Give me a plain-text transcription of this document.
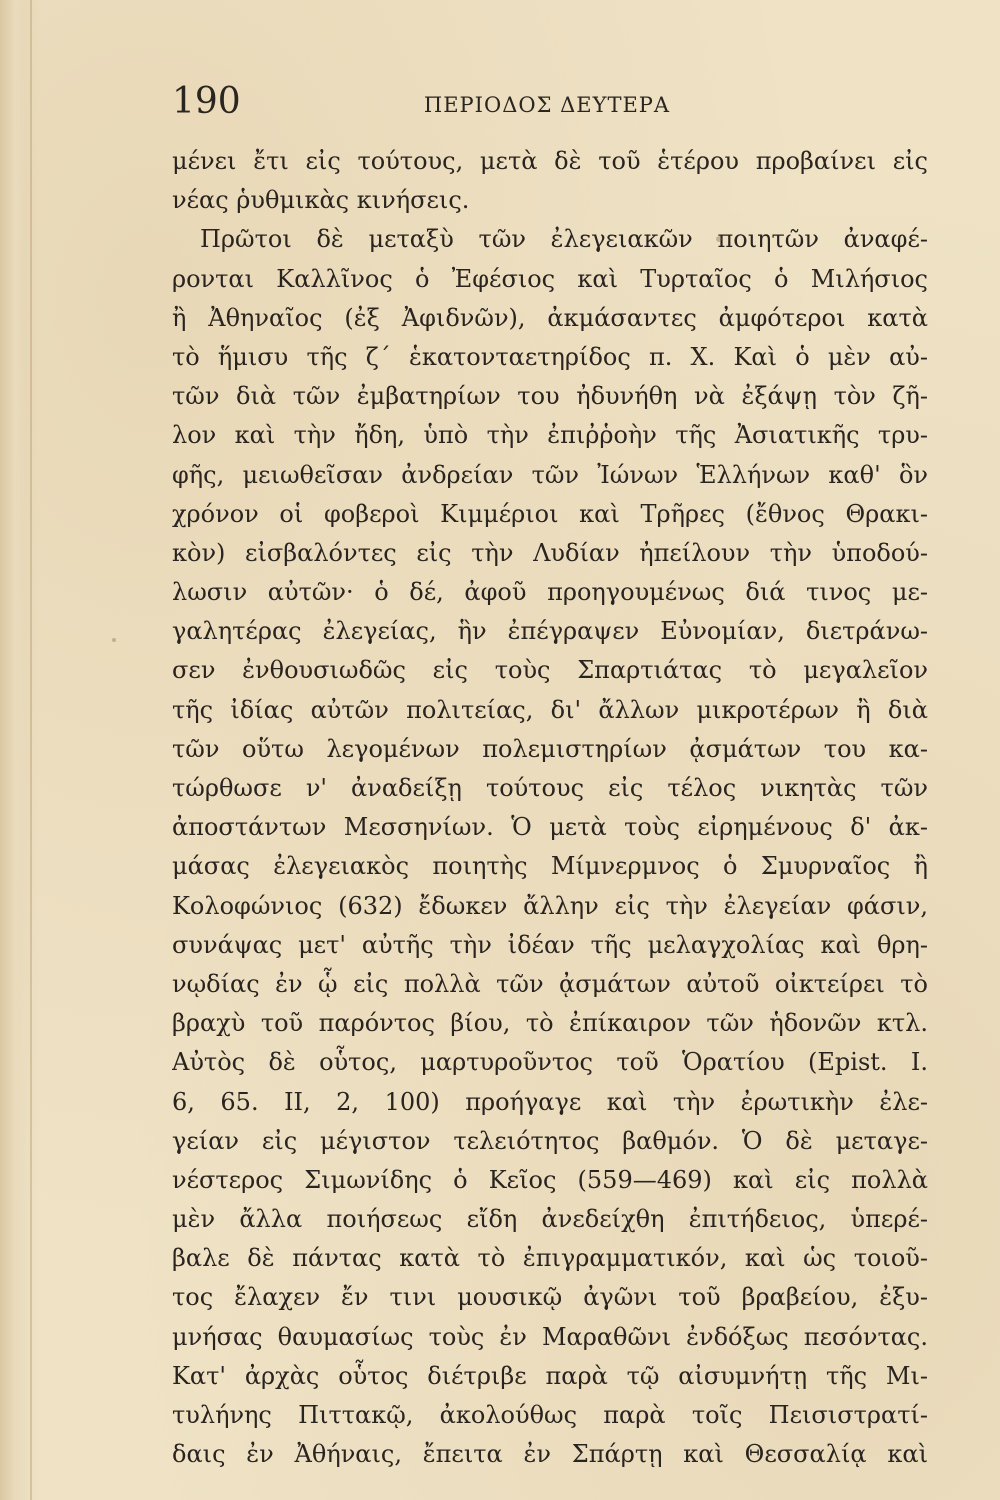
190	ΠΕΡΙΟΔΟΣ ΔΕΥΤΕΡΑ
μένει ἔτι εἰς τούτους, μετὰ δὲ τοῦ ἑτέρου προβαίνει εἰς
νέας ῥυθμικὰς κινήσεις.
Πρῶτοι δὲ μεταξὺ τῶν ἐλεγειακῶν ποιητῶν ἀναφέ-
ρονται Καλλῖνος ὁ Ἐφέσιος καὶ Τυρταῖος ὁ Μιλήσιος
ἢ Ἀθηναῖος (ἐξ Ἀφιδνῶν), ἀκμάσαντες ἀμφότεροι κατὰ
τὸ ἥμισυ τῆς ζ΄ ἑκατονταετηρίδος π. Χ. Καὶ ὁ μὲν αὐ-
τῶν διὰ τῶν ἐμβατηρίων του ἠδυνήθη νὰ ἐξάψῃ τὸν ζῆ-
λον καὶ τὴν ἤδη, ὑπὸ τὴν ἐπιῤῥοὴν τῆς Ἀσιατικῆς τρυ-
φῆς, μειωθεῖσαν ἀνδρείαν τῶν Ἰώνων Ἑλλήνων καθ' ὃν
χρόνον οἱ φοβεροὶ Κιμμέριοι καὶ Τρῆρες (ἔθνος Θρακι-
κὸν) εἰσβαλόντες εἰς τὴν Λυδίαν ἠπείλουν τὴν ὑποδού-
λωσιν αὐτῶν· ὁ δέ, ἀφοῦ προηγουμένως διά τινος με-
γαλητέρας ἐλεγείας, ἣν ἐπέγραψεν Εὐνομίαν, διετράνω-
σεν ἐνθουσιωδῶς εἰς τοὺς Σπαρτιάτας τὸ μεγαλεῖον
τῆς ἰδίας αὐτῶν πολιτείας, δι' ἄλλων μικροτέρων ἢ διὰ
τῶν οὕτω λεγομένων πολεμιστηρίων ᾀσμάτων του κα-
τώρθωσε ν' ἀναδείξῃ τούτους εἰς τέλος νικητὰς τῶν
ἀποστάντων Μεσσηνίων. Ὁ μετὰ τοὺς εἰρημένους δ' ἀκ-
μάσας ἐλεγειακὸς ποιητὴς Μίμνερμνος ὁ Σμυρναῖος ἢ
Κολοφώνιος (632) ἔδωκεν ἄλλην εἰς τὴν ἐλεγείαν φάσιν,
συνάψας μετ' αὐτῆς τὴν ἰδέαν τῆς μελαγχολίας καὶ θρη-
νῳδίας ἐν ᾧ εἰς πολλὰ τῶν ᾀσμάτων αὐτοῦ οἰκτείρει τὸ
βραχὺ τοῦ παρόντος βίου, τὸ ἐπίκαιρον τῶν ἡδονῶν κτλ.
Αὐτὸς δὲ οὗτος, μαρτυροῦντος τοῦ Ὁρατίου (Epist. I.
6, 65. II, 2, 100) προήγαγε καὶ τὴν ἐρωτικὴν ἐλε-
γείαν εἰς μέγιστον τελειότητος βαθμόν. Ὁ δὲ μεταγε-
νέστερος Σιμωνίδης ὁ Κεῖος (559—469) καὶ εἰς πολλὰ
μὲν ἄλλα ποιήσεως εἴδη ἀνεδείχθη ἐπιτήδειος, ὑπερέ-
βαλε δὲ πάντας κατὰ τὸ ἐπιγραμματικόν, καὶ ὡς τοιοῦ-
τος ἔλαχεν ἔν τινι μουσικῷ ἀγῶνι τοῦ βραβείου, ἐξυ-
μνήσας θαυμασίως τοὺς ἐν Μαραθῶνι ἐνδόξως πεσόντας.
Κατ' ἀρχὰς οὗτος διέτριβε παρὰ τῷ αἰσυμνήτῃ τῆς Μι-
τυλήνης Πιττακῷ, ἀκολούθως παρὰ τοῖς Πεισιστρατί-
δαις ἐν Ἀθήναις, ἔπειτα ἐν Σπάρτῃ καὶ Θεσσαλίᾳ καὶ
